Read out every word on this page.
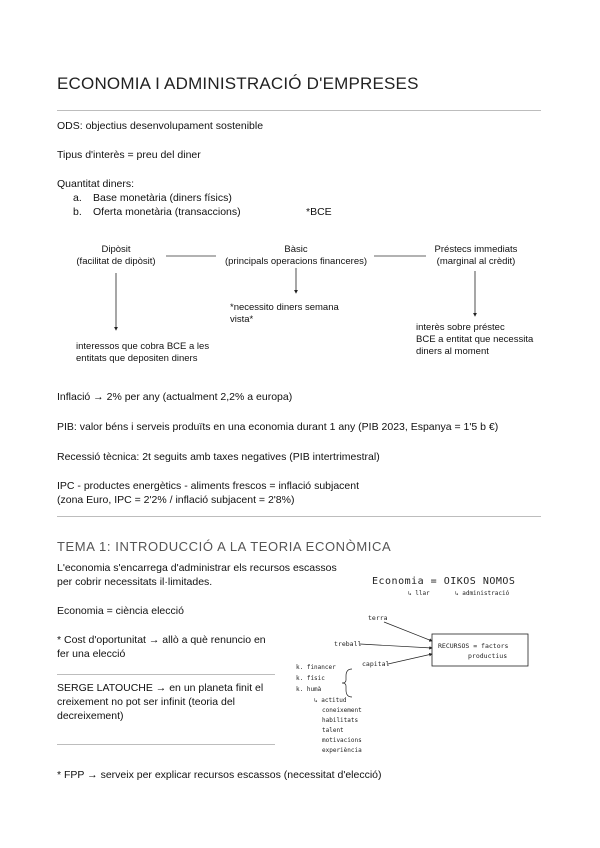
ECONOMIA I ADMINISTRACIÓ D'EMPRESES
ODS: objectius desenvolupament sostenible
Tipus d'interès = preu del diner
Quantitat diners:
a. Base monetària (diners físics)
b. Oferta monetària (transaccions)	*BCE
Dipòsit
(facilitat de dipòsit)
Bàsic
(principals operacions financeres)
Préstecs immediats
(marginal al crèdit)
interessos que cobra BCE a les
entitats que depositen diners
*necessito diners semana
vista*
interès sobre préstec
BCE a entitat que necessita
diners al moment
Inflació → 2% per any (actualment 2,2% a europa)
PIB: valor béns i serveis produïts en una economia durant 1 any (PIB 2023, Espanya = 1'5 b €)
Recessió tècnica: 2t seguits amb taxes negatives (PIB intertrimestral)
IPC - productes energètics - aliments frescos = inflació subjacent
(zona Euro, IPC = 2'2% / inflació subjacent = 2'8%)
TEMA 1: INTRODUCCIÓ A LA TEORIA ECONÒMICA
L'economia s'encarrega d'administrar els recursos escassos
per cobrir necessitats il·limitades.
Economia = ciència elecció
* Cost d'oportunitat → allò a què renuncio en
fer una elecció
SERGE LATOUCHE → en un planeta finit el
creixement no pot ser infinit (teoria del
decreixement)
* FPP → serveix per explicar recursos escassos (necessitat d'elecció)
Economia = OIKOS NOMOS
↳ llar	↳ administració
terra
treball
capital
RECURSOS = factors
productius
k. financer
k. físic
k. humà
↳ actitud
coneixement
habilitats
talent
motivacions
experiència
